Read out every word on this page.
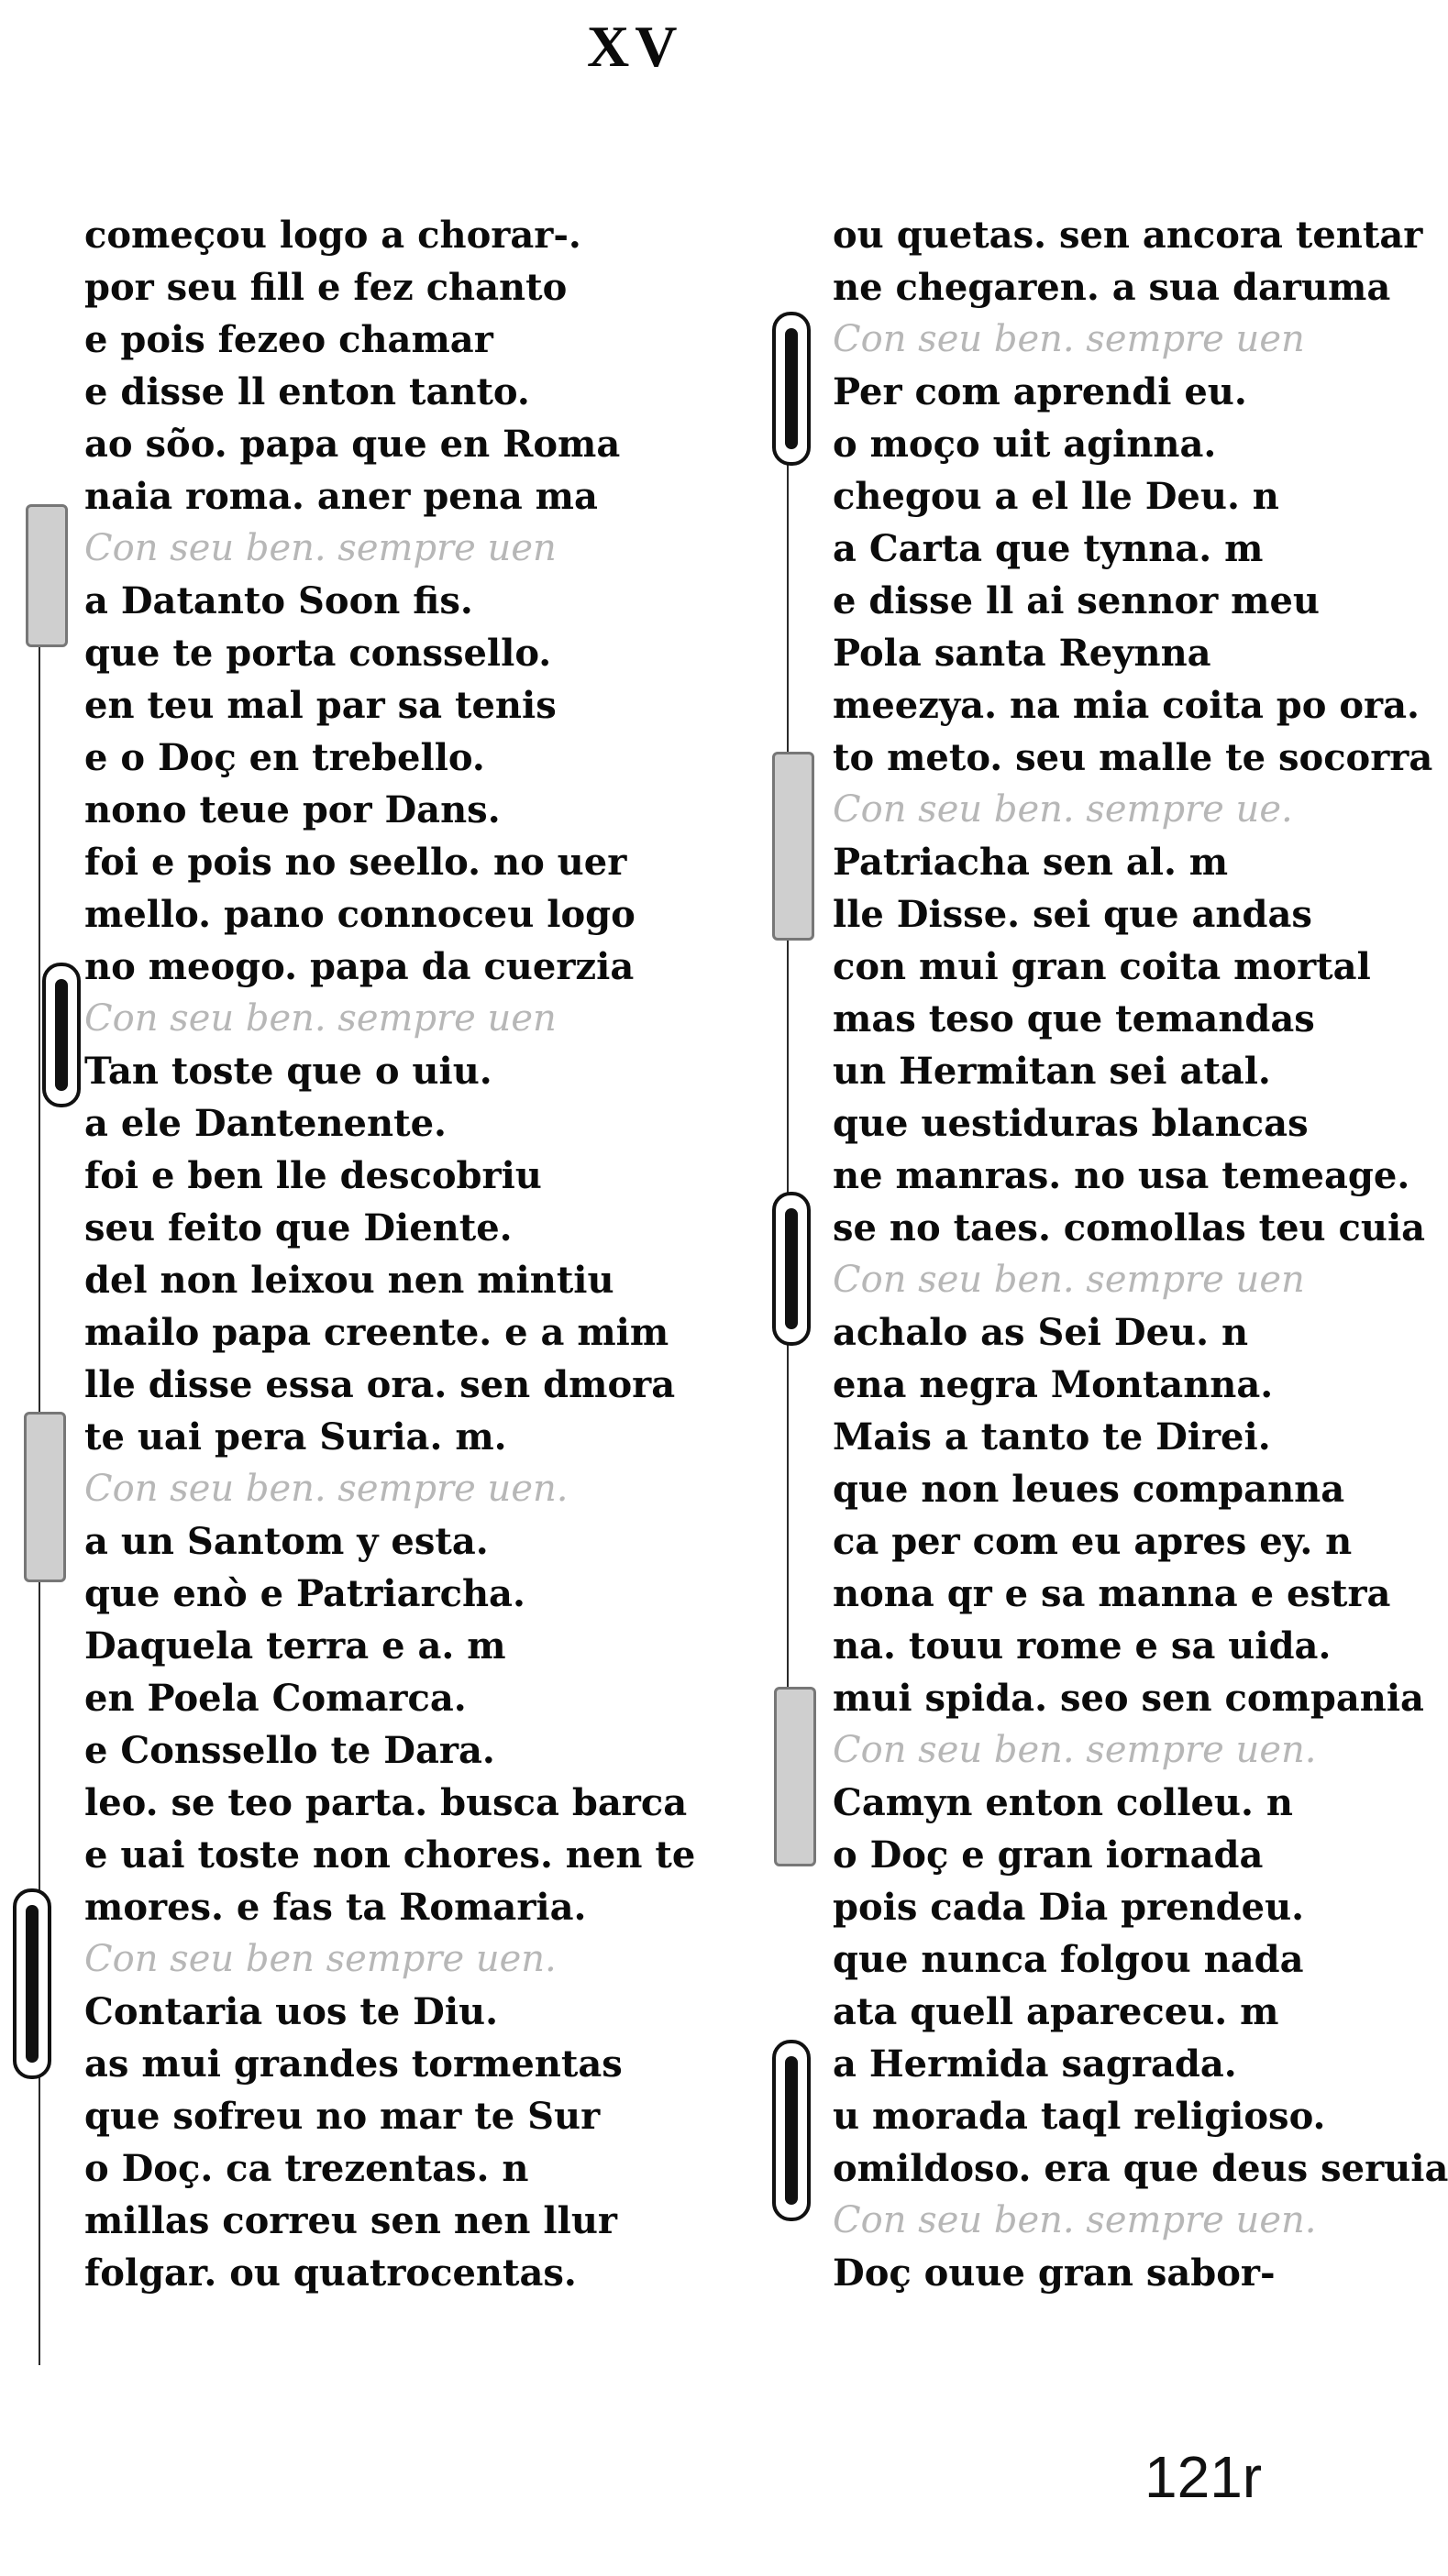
XV
começou logo a chorar-.
por seu fill e fez chanto
e pois fezeo chamar
e disse ll enton tanto.
ao sõo. papa que en Roma
naia roma. aner pena ma
Con seu ben. sempre uen
a Datanto Soon fis.
que te porta conssello.
en teu mal par sa tenis
e o Doç en trebello.
nono teue por Dans.
foi e pois no seello. no uer
mello. pano connoceu logo
no meogo. papa da cuerzia
Con seu ben. sempre uen
Tan toste que o uiu.
a ele Dantenente.
foi e ben lle descobriu
seu feito que Diente.
del non leixou nen mintiu
mailo papa creente. e a mim
lle disse essa ora. sen dmora
te uai pera Suria. m.
Con seu ben. sempre uen.
a un Santom y esta.
que enò e Patriarcha.
Daquela terra e a. m
en Poela Comarca.
e Conssello te Dara.
leo. se teo parta. busca barca
e uai toste non chores. nen te
mores. e fas ta Romaria.
Con seu ben sempre uen.
Contaria uos te Diu.
as mui grandes tormentas
que sofreu no mar te Sur
o Doç. ca trezentas. n
millas correu sen nen llur
folgar. ou quatrocentas.
ou quetas. sen ancora tentar
ne chegaren. a sua daruma
Con seu ben. sempre uen
Per com aprendi eu.
o moço uit aginna.
chegou a el lle Deu. n
a Carta que tynna. m
e disse ll ai sennor meu
Pola santa Reynna
meezya. na mia coita po ora.
to meto. seu malle te socorra
Con seu ben. sempre ue.
Patriacha sen al. m
lle Disse. sei que andas
con mui gran coita mortal
mas teso que temandas
un Hermitan sei atal.
que uestiduras blancas
ne manras. no usa temeage.
se no taes. comollas teu cuia
Con seu ben. sempre uen
achalo as Sei Deu. n
ena negra Montanna.
Mais a tanto te Direi.
que non leues companna
ca per com eu apres ey. n
nona qr e sa manna e estra
na. touu rome e sa uida.
mui spida. seo sen compania
Con seu ben. sempre uen.
Camyn enton colleu. n
o Doç e gran iornada
pois cada Dia prendeu.
que nunca folgou nada
ata quell apareceu. m
a Hermida sagrada.
u morada taql religioso.
omildoso. era que deus seruia
Con seu ben. sempre uen.
Doç ouue gran sabor-
121r
